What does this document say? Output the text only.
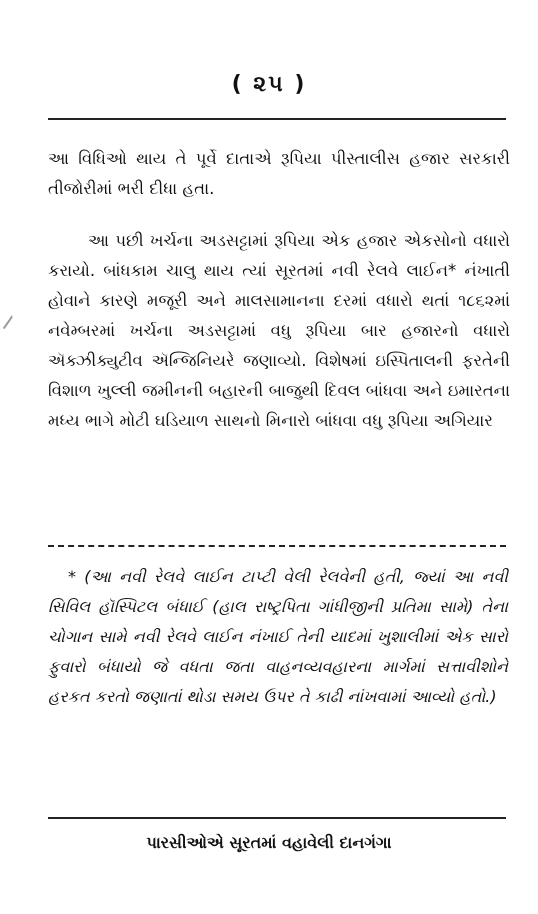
( ૨૫ )

આ વિધિઓ થાય તે પૂર્વે દાતાએ રૂપિયા પીસ્તાલીસ હજાર સરકારી તીજોરીમાં ભરી દીધા હતા.

આ પછી ખર્ચના અડસટ્ટામાં રૂપિયા એક હજાર એકસોનો વધારો કરાયો. બાંધકામ ચાલુ થાય ત્યાં સૂરતમાં નવી રેલવે લાઈન* નંખાતી હોવાને કારણે મજૂરી અને માલસામાનના દરમાં વધારો થતાં ૧૮૬૨માં નવેમ્બરમાં ખર્ચના અડસટ્ટામાં વધુ રૂપિયા બાર હજારનો વધારો ઍક્ઝીક્યુટીવ ઍન્જિનિયરે જણાવ્યો. વિશેષમાં ઇસ્પિતાલની ફરતેની વિશાળ ખુલ્લી જમીનની બહારની બાજુથી દિવલ બાંધવા અને ઇમારતના મધ્ય ભાગે મોટી ઘડિયાળ સાથનો મિનારો બાંધવા વધુ રૂપિયા અગિયાર

* (આ નવી રેલવે લાઈન ટાપ્ટી વેલી રેલવેની હતી, જ્યાં આ નવી સિવિલ હૉસ્પિટલ બંધાઈ (હાલ રાષ્ટ્રપિતા ગાંધીજીની પ્રતિમા સામે) તેના ચોગાન સામે નવી રેલવે લાઈન નંખાઈ તેની યાદમાં ખુશાલીમાં એક સારો ફુવારો બંધાયો જે વધતા જતા વાહનવ્યવહારના માર્ગમાં સત્તાવીશોને હરકત કરતો જણાતાં થોડા સમય ઉપર તે કાઢી નાંખવામાં આવ્યો હતો.)

પારસીઓએ સૂરતમાં વહાવેલી દાનગંગા
